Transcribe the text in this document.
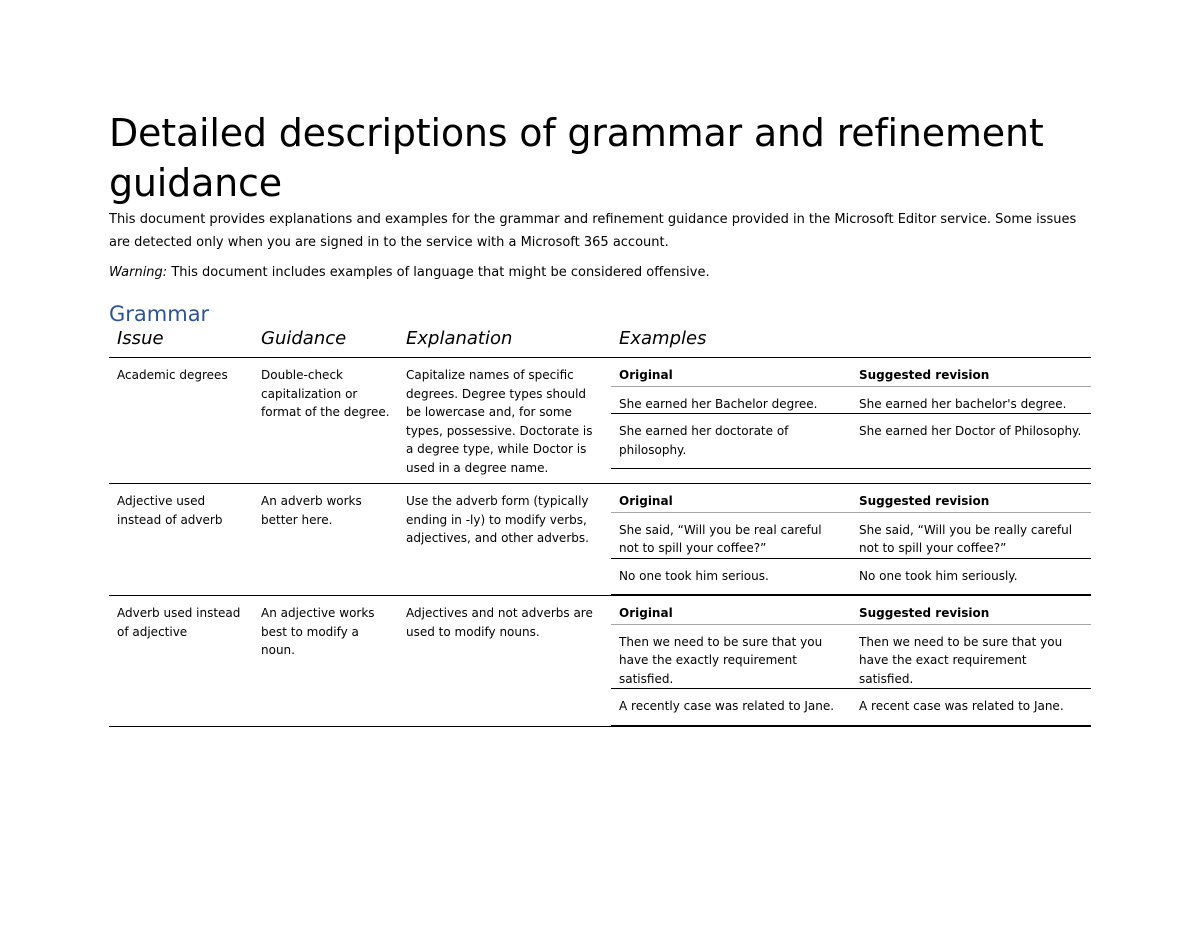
Detailed descriptions of grammar and refinement guidance

This document provides explanations and examples for the grammar and refinement guidance provided in the Microsoft Editor service. Some issues are detected only when you are signed in to the service with a Microsoft 365 account.

Warning: This document includes examples of language that might be considered offensive.

Grammar
Issue	Guidance	Explanation	Examples
Academic degrees	Double-check capitalization or format of the degree.	Capitalize names of specific degrees. Degree types should be lowercase and, for some types, possessive. Doctorate is a degree type, while Doctor is used in a degree name.	
Original	Suggested revision
She earned her Bachelor degree.	She earned her bachelor's degree.
She earned her doctorate of philosophy.	She earned her Doctor of Philosophy.

Adjective used instead of adverb	An adverb works better here.	Use the adverb form (typically ending in -ly) to modify verbs, adjectives, and other adverbs.	
Original	Suggested revision
She said, “Will you be real careful not to spill your coffee?”	She said, “Will you be really careful not to spill your coffee?”
No one took him serious.	No one took him seriously.

Adverb used instead of adjective	An adjective works best to modify a noun.	Adjectives and not adverbs are used to modify nouns.	
Original	Suggested revision
Then we need to be sure that you have the exactly requirement satisfied.	Then we need to be sure that you have the exact requirement satisfied.
A recently case was related to Jane.	A recent case was related to Jane.
